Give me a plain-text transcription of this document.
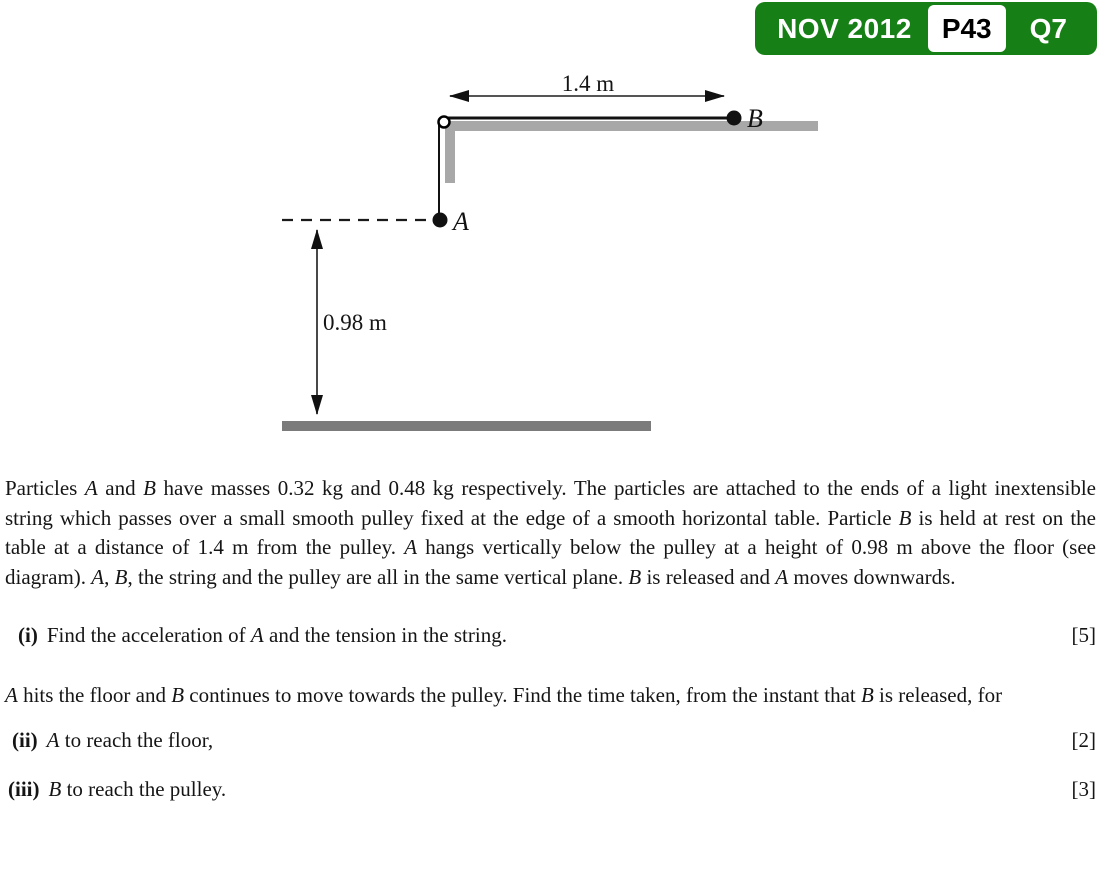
NOV 2012	P43	Q7
1.4 m
B
A
0.98 m

Particles A and B have masses 0.32 kg and 0.48 kg respectively. The particles are attached to the ends of a light inextensible string which passes over a small smooth pulley fixed at the edge of a smooth horizontal table. Particle B is held at rest on the table at a distance of 1.4 m from the pulley. A hangs vertically below the pulley at a height of 0.98 m above the floor (see diagram). A, B, the string and the pulley are all in the same vertical plane. B is released and A moves downwards.

(i) Find the acceleration of A and the tension in the string.	[5]

A hits the floor and B continues to move towards the pulley. Find the time taken, from the instant that B is released, for

(ii) A to reach the floor,	[2]
(iii) B to reach the pulley.	[3]
